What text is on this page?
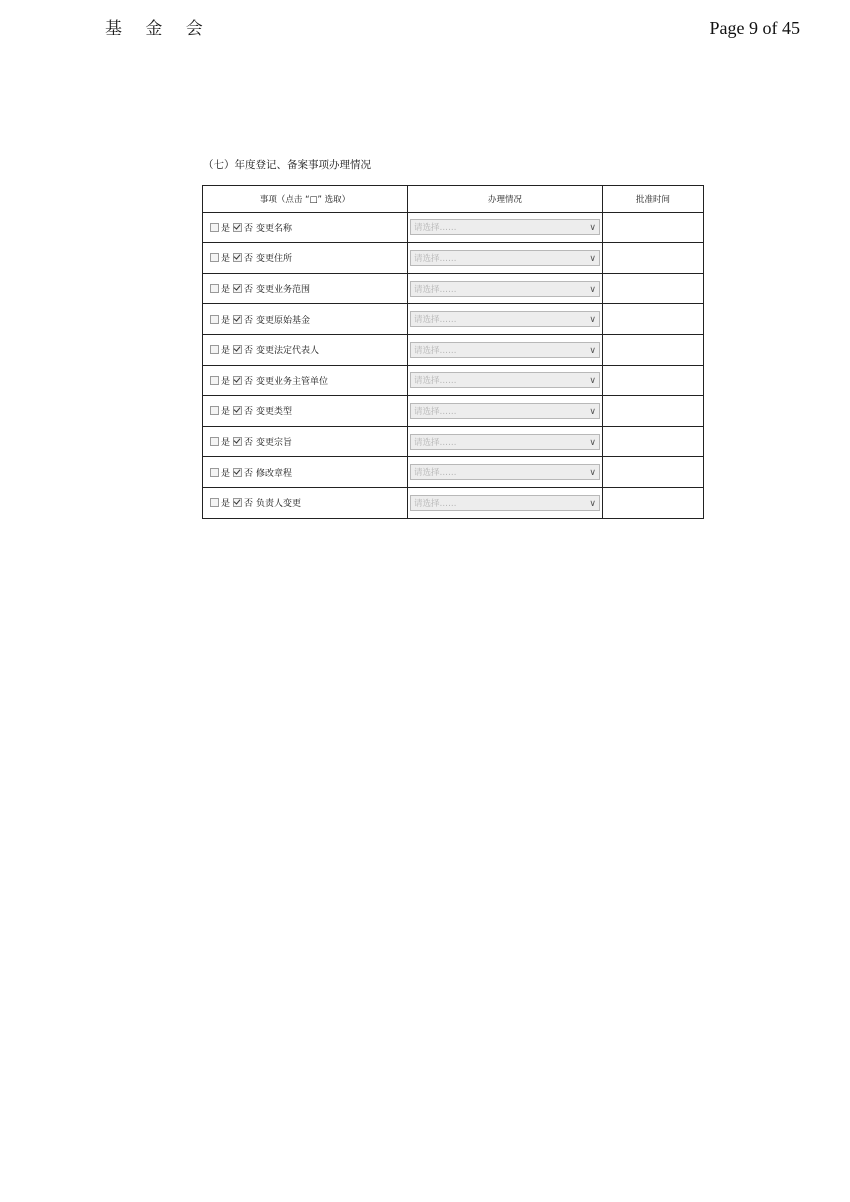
基 金 会	Page 9 of 45
（七）年度登记、备案事项办理情况
事项（点击 “□” 选取）	办理情况	批准时间
是 否 变更名称	请选择…… ∨	

是 否 变更住所	请选择…… ∨	

是 否 变更业务范围	请选择…… ∨	

是 否 变更原始基金	请选择…… ∨	

是 否 变更法定代表人	请选择…… ∨	

是 否 变更业务主管单位	请选择…… ∨	

是 否 变更类型	请选择…… ∨	

是 否 变更宗旨	请选择…… ∨	

是 否 修改章程	请选择…… ∨	

是 否 负责人变更	请选择…… ∨	
